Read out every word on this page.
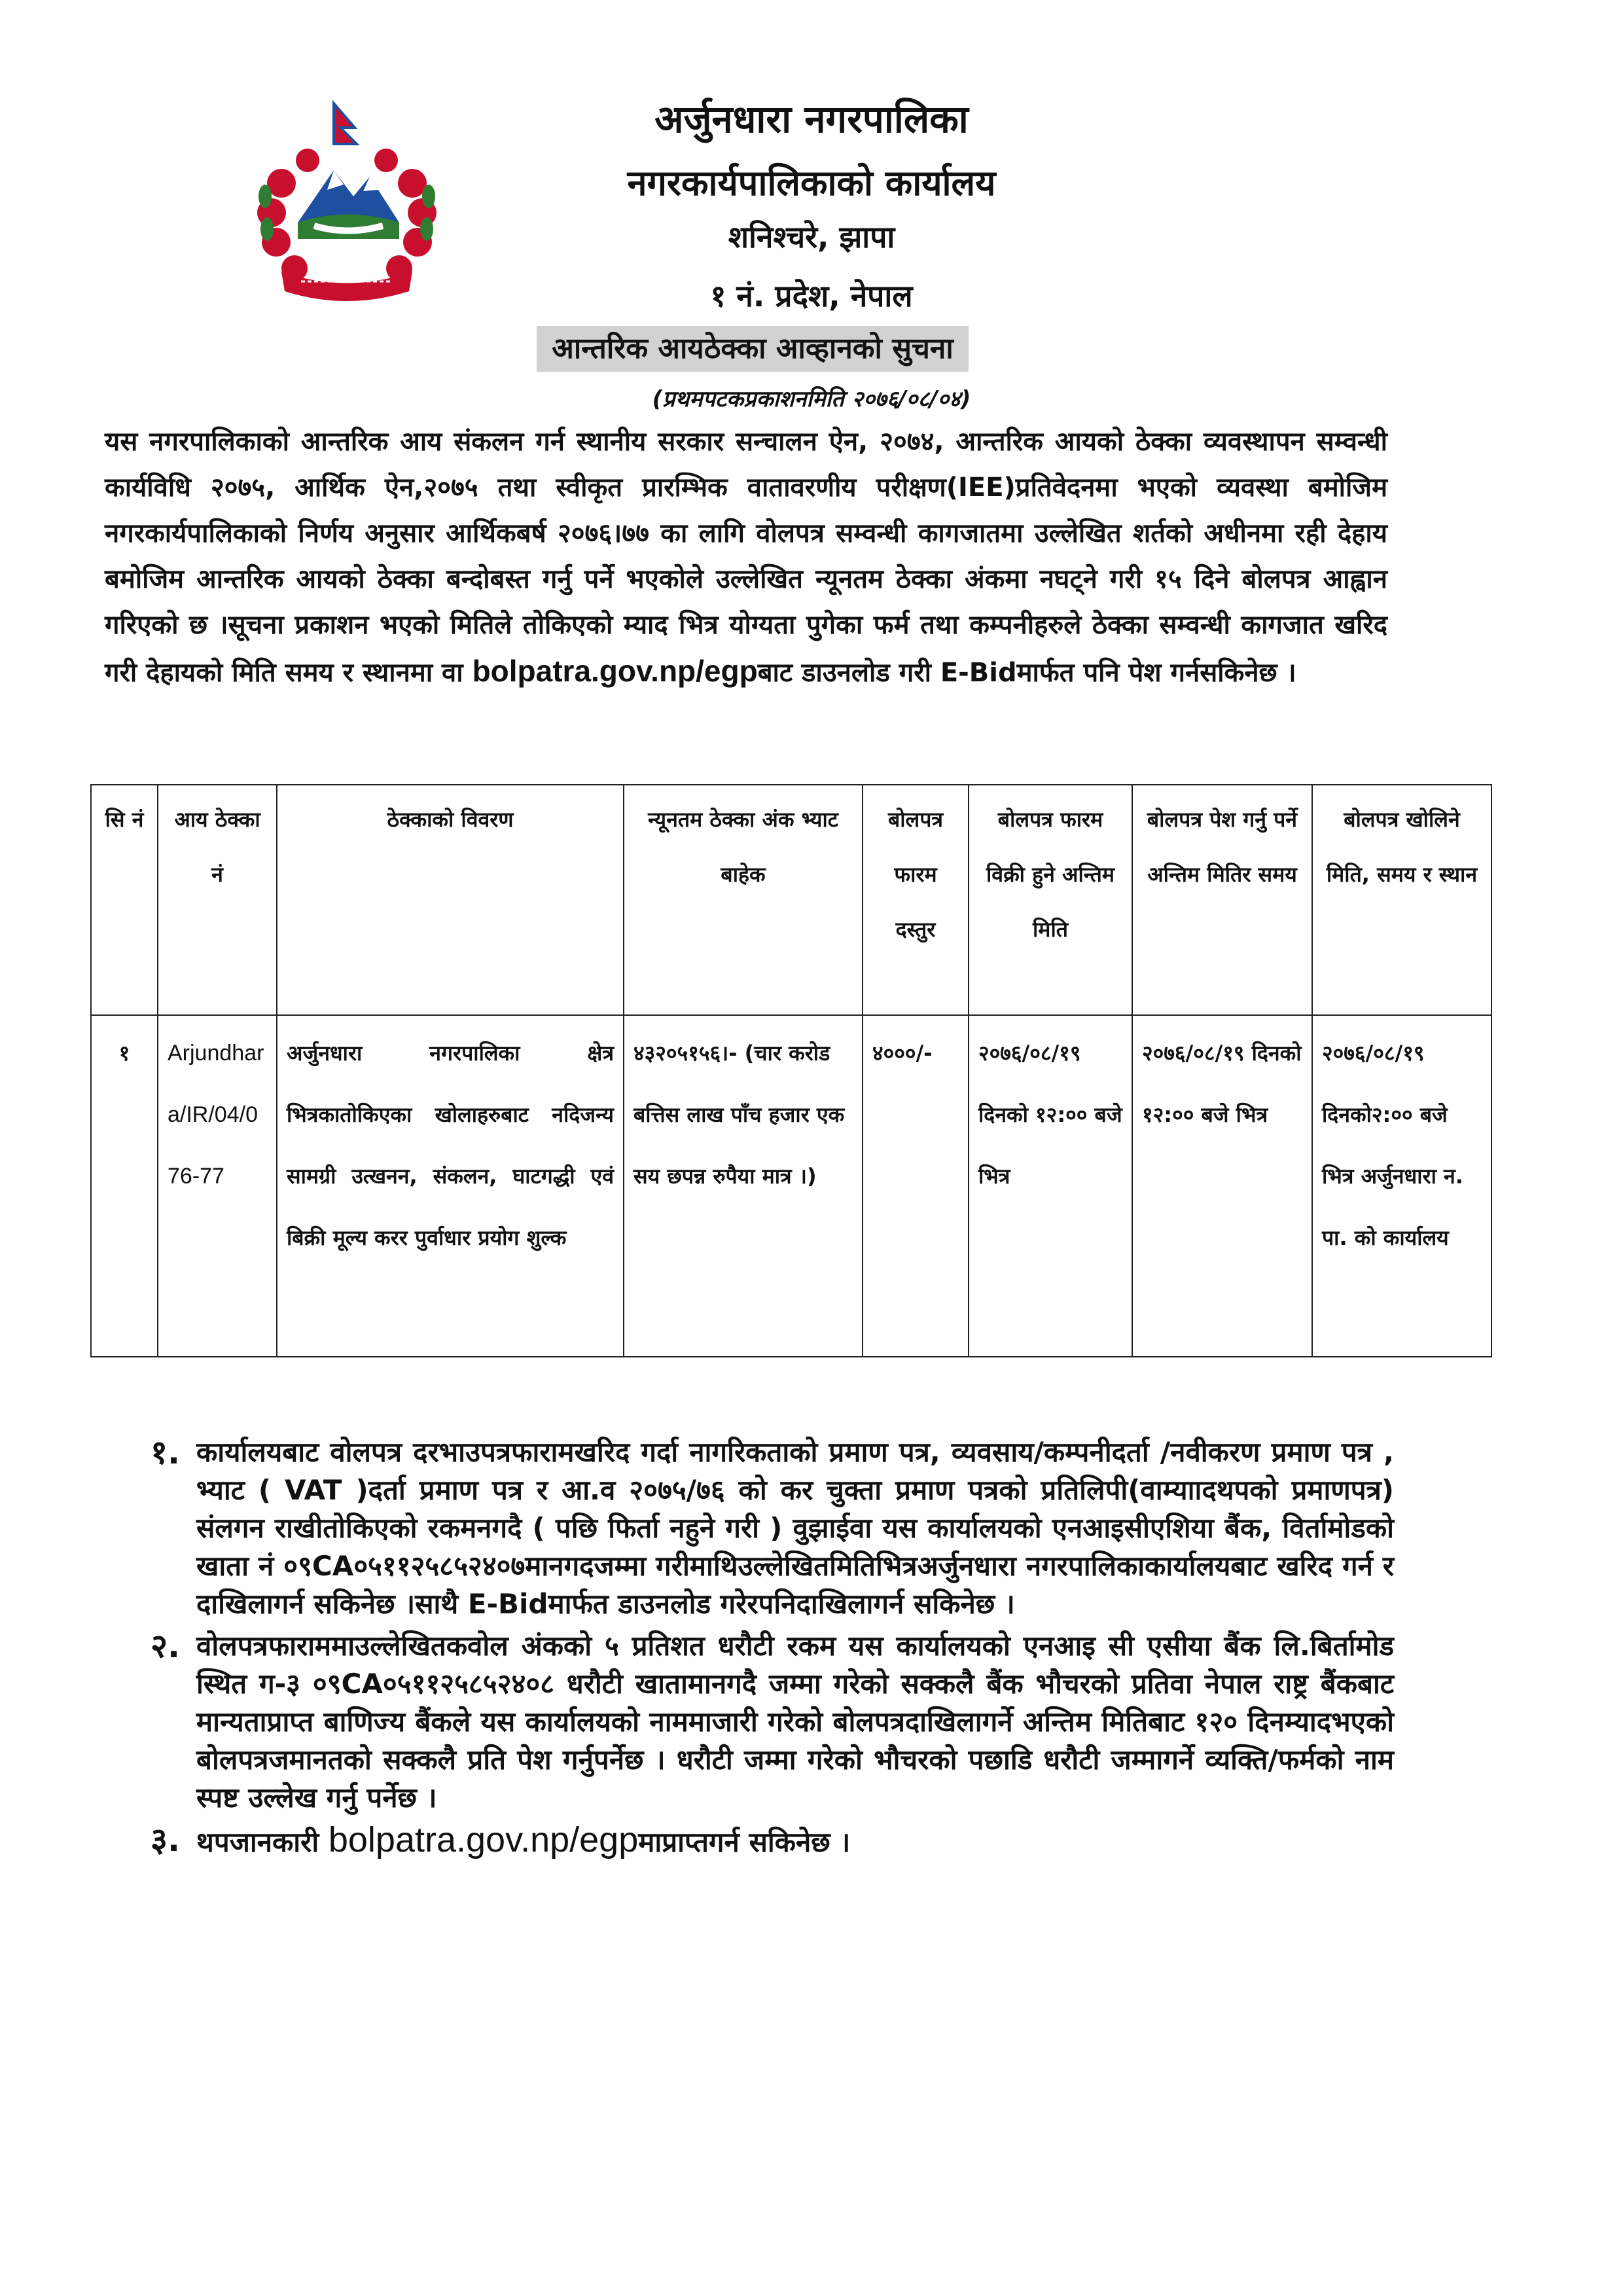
अर्जुनधारा नगरपालिका
नगरकार्यपालिकाको कार्यालय
शनिश्चरे, झापा
१ नं. प्रदेश, नेपाल
आन्तरिक आयठेक्का आव्हानको सुचना
(प्रथमपटकप्रकाशनमिति २०७६/०८/०४)
यस नगरपालिकाको आन्तरिक आय संकलन गर्न स्थानीय सरकार सन्चालन ऐन, २०७४, आन्तरिक आयको ठेक्का व्यवस्थापन सम्वन्धी कार्यविधि २०७५, आर्थिक ऐन,२०७५ तथा स्वीकृत प्रारम्भिक वातावरणीय परीक्षण(IEE)प्रतिवेदनमा भएको व्यवस्था बमोजिम नगरकार्यपालिकाको निर्णय अनुसार आर्थिकबर्ष २०७६।७७ का लागि वोलपत्र सम्वन्धी कागजातमा उल्लेखित शर्तको अधीनमा रही देहाय बमोजिम आन्तरिक आयको ठेक्का बन्दोबस्त गर्नु पर्ने भएकोले उल्लेखित न्यूनतम ठेक्का अंकमा नघट्ने गरी १५ दिने बोलपत्र आह्वान गरिएको छ ।सूचना प्रकाशन भएको मितिले तोकिएको म्याद भित्र योग्यता पुगेका फर्म तथा कम्पनीहरुले ठेक्का सम्वन्धी कागजात खरिद गरी देहायको मिति समय र स्थानमा वा bolpatra.gov.np/egpबाट डाउनलोड गरी E-Bidमार्फत पनि पेश गर्नसकिनेछ ।
सि नं	आय ठेक्का नं	ठेक्काको विवरण	न्यूनतम ठेक्का अंक भ्याट बाहेक	बोलपत्र फारम दस्तुर	बोलपत्र फारम विक्री हुने अन्तिम मिति	बोलपत्र पेश गर्नु पर्ने अन्तिम मितिर समय	बोलपत्र खोलिने मिति, समय र स्थान
१	Arjundhara/IR/04/076-77	अर्जुनधारा नगरपालिका क्षेत्र भित्रकातोकिएका खोलाहरुबाट नदिजन्य सामग्री उत्खनन, संकलन, घाटगद्धी एवं बिक्री मूल्य करर पुर्वाधार प्रयोग शुल्क	४३२०५१५६।- (चार करोड बत्तिस लाख पाँच हजार एक सय छपन्न रुपैया मात्र ।)	४०००/-	२०७६/०८/१९ दिनको १२:०० बजे भित्र	२०७६/०८/१९ दिनको १२:०० बजे भित्र	२०७६/०८/१९ दिनको२:०० बजे भित्र अर्जुनधारा न. पा. को कार्यालय
१. कार्यालयबाट वोलपत्र दरभाउपत्रफारामखरिद गर्दा नागरिकताको प्रमाण पत्र, व्यवसाय/कम्पनीदर्ता /नवीकरण प्रमाण पत्र , भ्याट ( VAT )दर्ता प्रमाण पत्र र आ.व २०७५/७६ को कर चुक्ता प्रमाण पत्रको प्रतिलिपी(वाम्याादथपको प्रमाणपत्र) संलगन राखीतोकिएको रकमनगदै ( पछि फिर्ता नहुने गरी ) वुझाईवा यस कार्यालयको एनआइसीएशिया बैंक, विर्तामोडको खाता नं ०९CA०५११२५८५२४०७मानगदजम्मा गरीमाथिउल्लेखितमितिभित्रअर्जुनधारा नगरपालिकाकार्यालयबाट खरिद गर्न र दाखिलागर्न सकिनेछ ।साथै E-Bidमार्फत डाउनलोड गरेरपनिदाखिलागर्न सकिनेछ ।
२. वोलपत्रफाराममाउल्लेखितकवोल अंकको ५ प्रतिशत धरौटी रकम यस कार्यालयको एनआइ सी एसीया बैंक लि.बिर्तामोड स्थित ग-३ ०९CA०५११२५८५२४०८ धरौटी खातामानगदै जम्मा गरेको सक्कलै बैंक भौचरको प्रतिवा नेपाल राष्ट्र बैंकबाट मान्यताप्राप्त बाणिज्य बैंकले यस कार्यालयको नाममाजारी गरेको बोलपत्रदाखिलागर्ने अन्तिम मितिबाट १२० दिनम्यादभएको बोलपत्रजमानतको सक्कलै प्रति पेश गर्नुपर्नेछ । धरौटी जम्मा गरेको भौचरको पछाडि धरौटी जम्मागर्ने व्यक्ति/फर्मको नाम स्पष्ट उल्लेख गर्नु पर्नेछ ।
३. थपजानकारी bolpatra.gov.np/egpमाप्राप्तगर्न सकिनेछ ।
